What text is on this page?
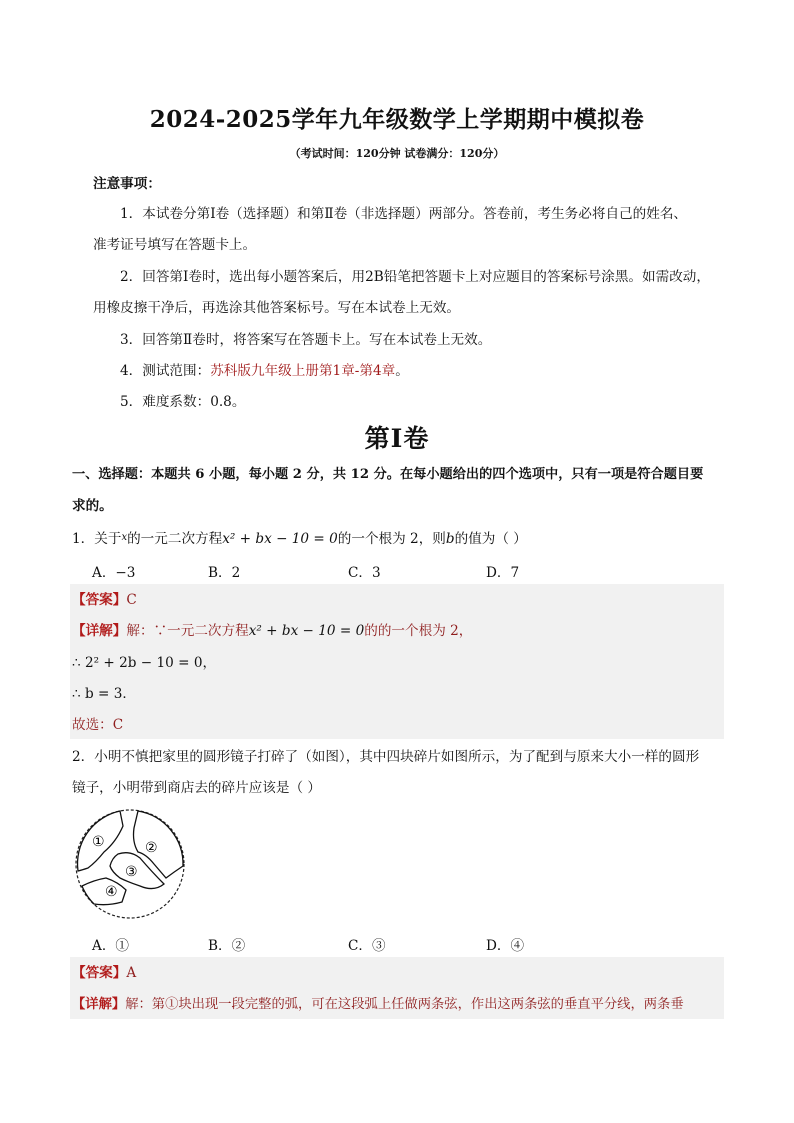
2024-2025学年九年级数学上学期期中模拟卷
（考试时间：120分钟 试卷满分：120分）
注意事项：
1．本试卷分第Ⅰ卷（选择题）和第Ⅱ卷（非选择题）两部分。答卷前，考生务必将自己的姓名、
准考证号填写在答题卡上。
2．回答第Ⅰ卷时，选出每小题答案后，用2B铅笔把答题卡上对应题目的答案标号涂黑。如需改动，
用橡皮擦干净后，再选涂其他答案标号。写在本试卷上无效。
3．回答第Ⅱ卷时，将答案写在答题卡上。写在本试卷上无效。
4．测试范围：苏科版九年级上册第1章-第4章。
5．难度系数：0.8。
第Ⅰ卷
一、选择题：本题共 6 小题，每小题 2 分，共 12 分。在每小题给出的四个选项中，只有一项是符合题目要
求的。
1．关于$^x$的一元二次方程x² + bx − 10 = 0的一个根为 2，则b的值为（ ）
A．−3	B．2	C．3	D．7
【答案】C
【详解】解：∵一元二次方程x² + bx − 10 = 0的的一个根为 2，
∴ 2² + 2b − 10 = 0，
∴ b = 3．
故选：C
2．小明不慎把家里的圆形镜子打碎了（如图），其中四块碎片如图所示，为了配到与原来大小一样的圆形
镜子，小明带到商店去的碎片应该是（ ）
①	②
③
④
A．①	B．②	C．③	D．④
【答案】A
【详解】解：第①块出现一段完整的弧，可在这段弧上任做两条弦，作出这两条弦的垂直平分线，两条垂
